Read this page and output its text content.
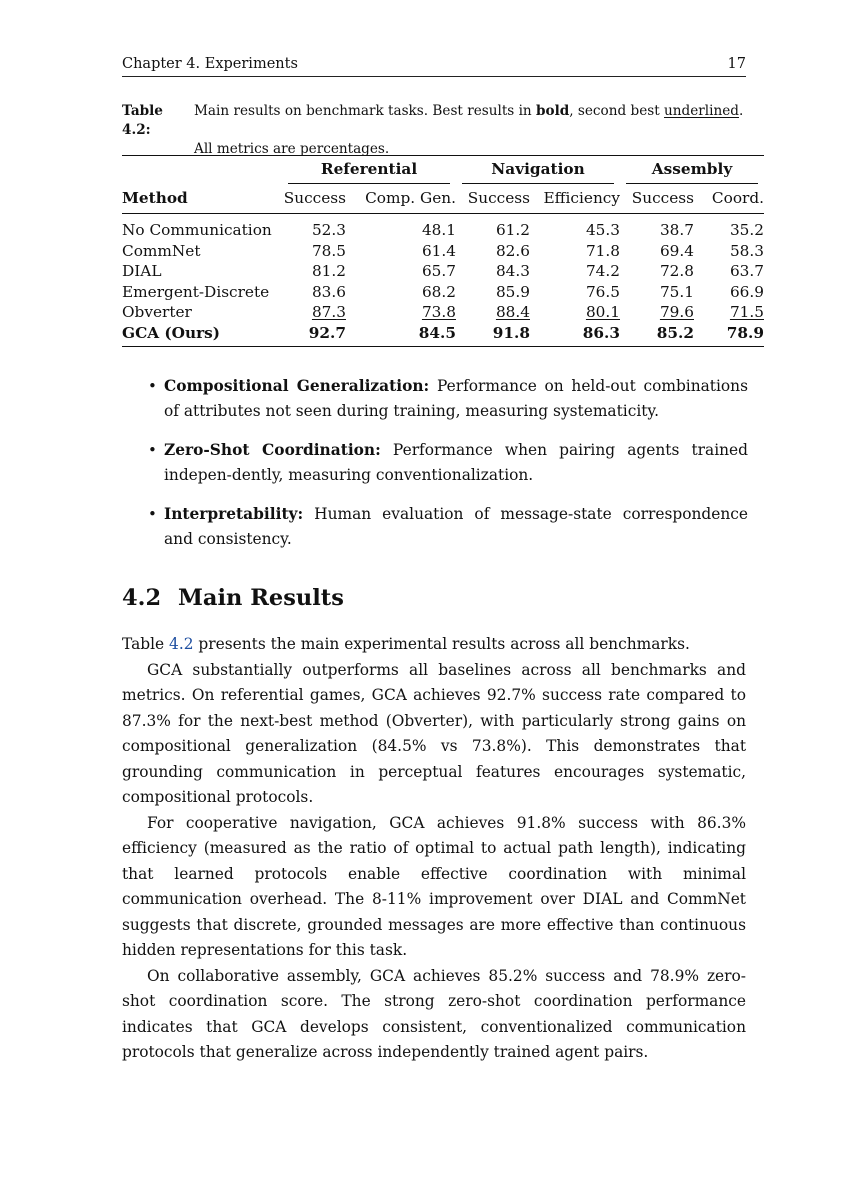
Chapter 4. Experiments	17
Table 4.2:Main results on benchmark tasks. Best results in bold, second best underlined.
All metrics are percentages.

	Referential		Navigation		Assembly	

Method	Success	Comp. Gen.	Success	Efficiency	Success	Coord.
No Communication	52.3	48.1	61.2	45.3	38.7	35.2
CommNet	78.5	61.4	82.6	71.8	69.4	58.3
DIAL	81.2	65.7	84.3	74.2	72.8	63.7
Emergent-Discrete	83.6	68.2	85.9	76.5	75.1	66.9
Obverter	87.3	73.8	88.4	80.1	79.6	71.5
GCA (Ours)	92.7	84.5	91.8	86.3	85.2	78.9
• Compositional Generalization: Performance on held-out combinations of attributes not seen during training, measuring systematicity.
• Zero-Shot Coordination: Performance when pairing agents trained indepen-dently, measuring conventionalization.
• Interpretability: Human evaluation of message-state correspondence and consistency.
4.2 Main Results

Table 4.2 presents the main experimental results across all benchmarks.

GCA substantially outperforms all baselines across all benchmarks and metrics. On referential games, GCA achieves 92.7% success rate compared to 87.3% for the next-best method (Obverter), with particularly strong gains on compositional generalization (84.5% vs 73.8%). This demonstrates that grounding communication in perceptual features encourages systematic, compositional protocols.

For cooperative navigation, GCA achieves 91.8% success with 86.3% efficiency (measured as the ratio of optimal to actual path length), indicating that learned protocols enable effective coordination with minimal communication overhead. The 8-11% improvement over DIAL and CommNet suggests that discrete, grounded messages are more effective than continuous hidden representations for this task.

On collaborative assembly, GCA achieves 85.2% success and 78.9% zero-shot coordination score. The strong zero-shot coordination performance indicates that GCA develops consistent, conventionalized communication protocols that generalize across independently trained agent pairs.
